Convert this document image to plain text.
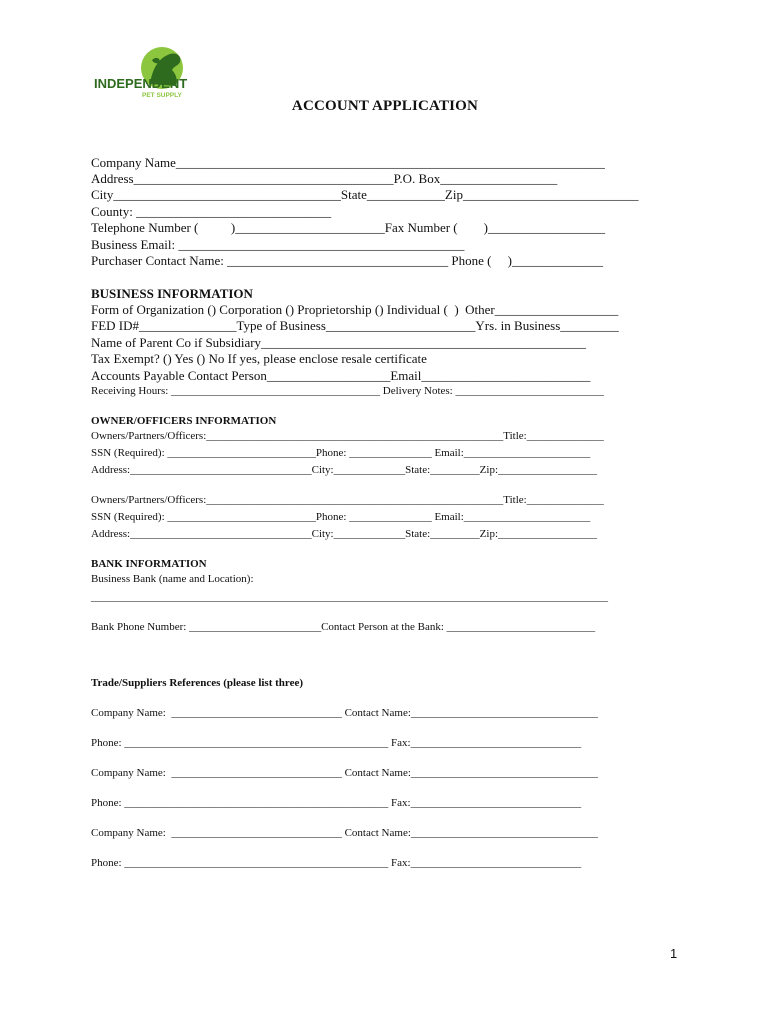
INDEPENDENT
PET SUPPLY
ACCOUNT APPLICATION
Company Name__________________________________________________________________
Address________________________________________P.O. Box__________________
City___________________________________State____________Zip___________________________
County: ______________________________
Telephone Number (          )_______________________Fax Number (        )__________________
Business Email: ____________________________________________
Purchaser Contact Name: __________________________________ Phone (     )______________
BUSINESS INFORMATION
Form of Organization () Corporation () Proprietorship () Individual (  )  Other___________________
FED ID#_______________Type of Business_______________________Yrs. in Business_________
Name of Parent Co if Subsidiary__________________________________________________
Tax Exempt? () Yes () No If yes, please enclose resale certificate
Accounts Payable Contact Person___________________Email__________________________
Receiving Hours: ______________________________________ Delivery Notes: ___________________________
OWNER/OFFICERS INFORMATION
Owners/Partners/Officers:______________________________________________________Title:______________
SSN (Required): ___________________________Phone: _______________ Email:_______________________
Address:_________________________________City:_____________State:_________Zip:__________________
Owners/Partners/Officers:______________________________________________________Title:______________
SSN (Required): ___________________________Phone: _______________ Email:_______________________
Address:_________________________________City:_____________State:_________Zip:__________________
BANK INFORMATION
Business Bank (name and Location):
______________________________________________________________________________________________
Bank Phone Number: ________________________Contact Person at the Bank: ___________________________
Trade/Suppliers References (please list three)
Company Name:  _______________________________ Contact Name:__________________________________
Phone: ________________________________________________ Fax:_______________________________
Company Name:  _______________________________ Contact Name:__________________________________
Phone: ________________________________________________ Fax:_______________________________
Company Name:  _______________________________ Contact Name:__________________________________
Phone: ________________________________________________ Fax:_______________________________
1
